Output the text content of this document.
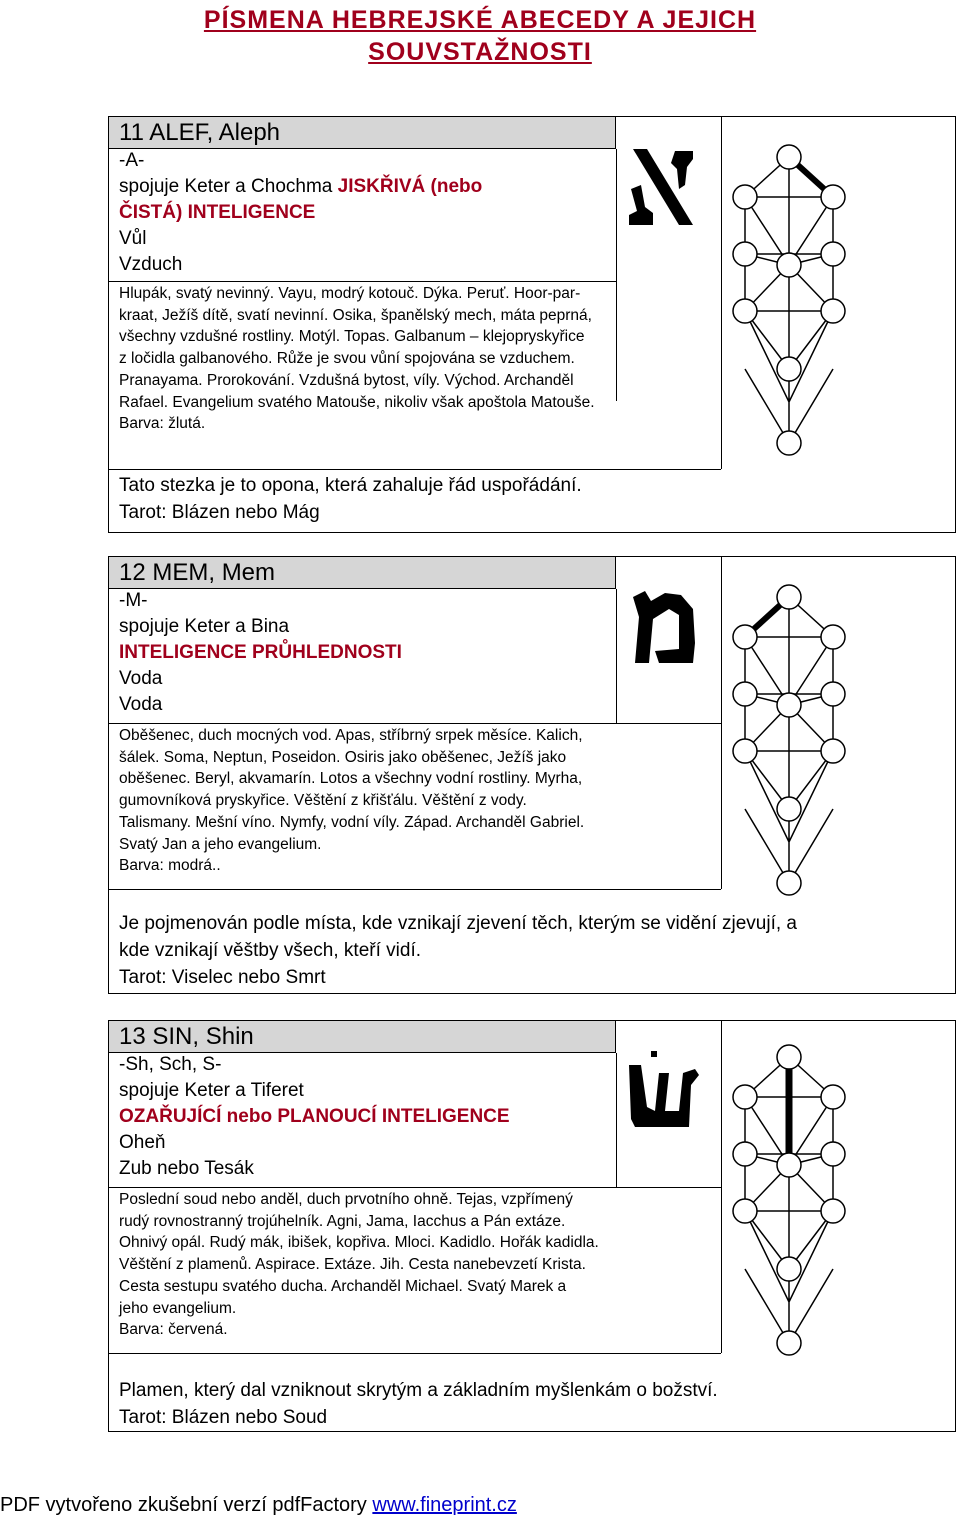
PÍSMENA HEBREJSKÉ ABECEDY A JEJICH
SOUVSTAŽNOSTI
11 ALEF, Aleph
-A-
spojuje Keter a Chochma JISKŘIVÁ (nebo
ČISTÁ) INTELIGENCE
Vůl
Vzduch
Hlupák, svatý nevinný. Vayu, modrý kotouč. Dýka. Peruť. Hoor-par-
kraat, Ježíš dítě, svatí nevinní. Osika, španělský mech, máta peprná,
všechny vzdušné rostliny. Motýl. Topas. Galbanum – klejopryskyřice
z ločidla galbanového. Růže je svou vůní spojována se vzduchem.
Pranayama. Prorokování. Vzdušná bytost, víly. Východ. Archanděl
Rafael. Evangelium svatého Matouše, nikoliv však apoštola Matouše.
Barva: žlutá.
Tato stezka je to opona, která zahaluje řád uspořádání.
Tarot: Blázen nebo Mág
12 MEM, Mem
-M-
spojuje Keter a Bina
INTELIGENCE PRŮHLEDNOSTI
Voda
Voda
Oběšenec, duch mocných vod. Apas, stříbrný srpek měsíce. Kalich,
šálek. Soma, Neptun, Poseidon. Osiris jako oběšenec, Ježíš jako
oběšenec. Beryl, akvamarín. Lotos a všechny vodní rostliny. Myrha,
gumovníková pryskyřice. Věštění z křišťálu. Věštění z vody.
Talismany. Mešní víno. Nymfy, vodní víly. Západ. Archanděl Gabriel.
Svatý Jan a jeho evangelium.
Barva: modrá..
Je pojmenován podle místa, kde vznikají zjevení těch, kterým se vidění zjevují, a
kde vznikají věštby všech, kteří vidí.
Tarot: Viselec nebo Smrt
13 SIN, Shin
-Sh, Sch, S-
spojuje Keter a Tiferet
OZAŘUJÍCÍ nebo PLANOUCÍ INTELIGENCE
Oheň
Zub nebo Tesák
Poslední soud nebo anděl, duch prvotního ohně. Tejas, vzpřímený
rudý rovnostranný trojúhelník. Agni, Jama, Iacchus a Pán extáze.
Ohnivý opál. Rudý mák, ibišek, kopřiva. Mloci. Kadidlo. Hořák kadidla.
Věštění z plamenů. Aspirace. Extáze. Jih. Cesta nanebevzetí Krista.
Cesta sestupu svatého ducha. Archanděl Michael. Svatý Marek a
jeho evangelium.
Barva: červená.
Plamen, který dal vzniknout skrytým a základním myšlenkám o božství.
Tarot: Blázen nebo Soud
PDF vytvořeno zkušební verzí pdfFactory www.fineprint.cz
